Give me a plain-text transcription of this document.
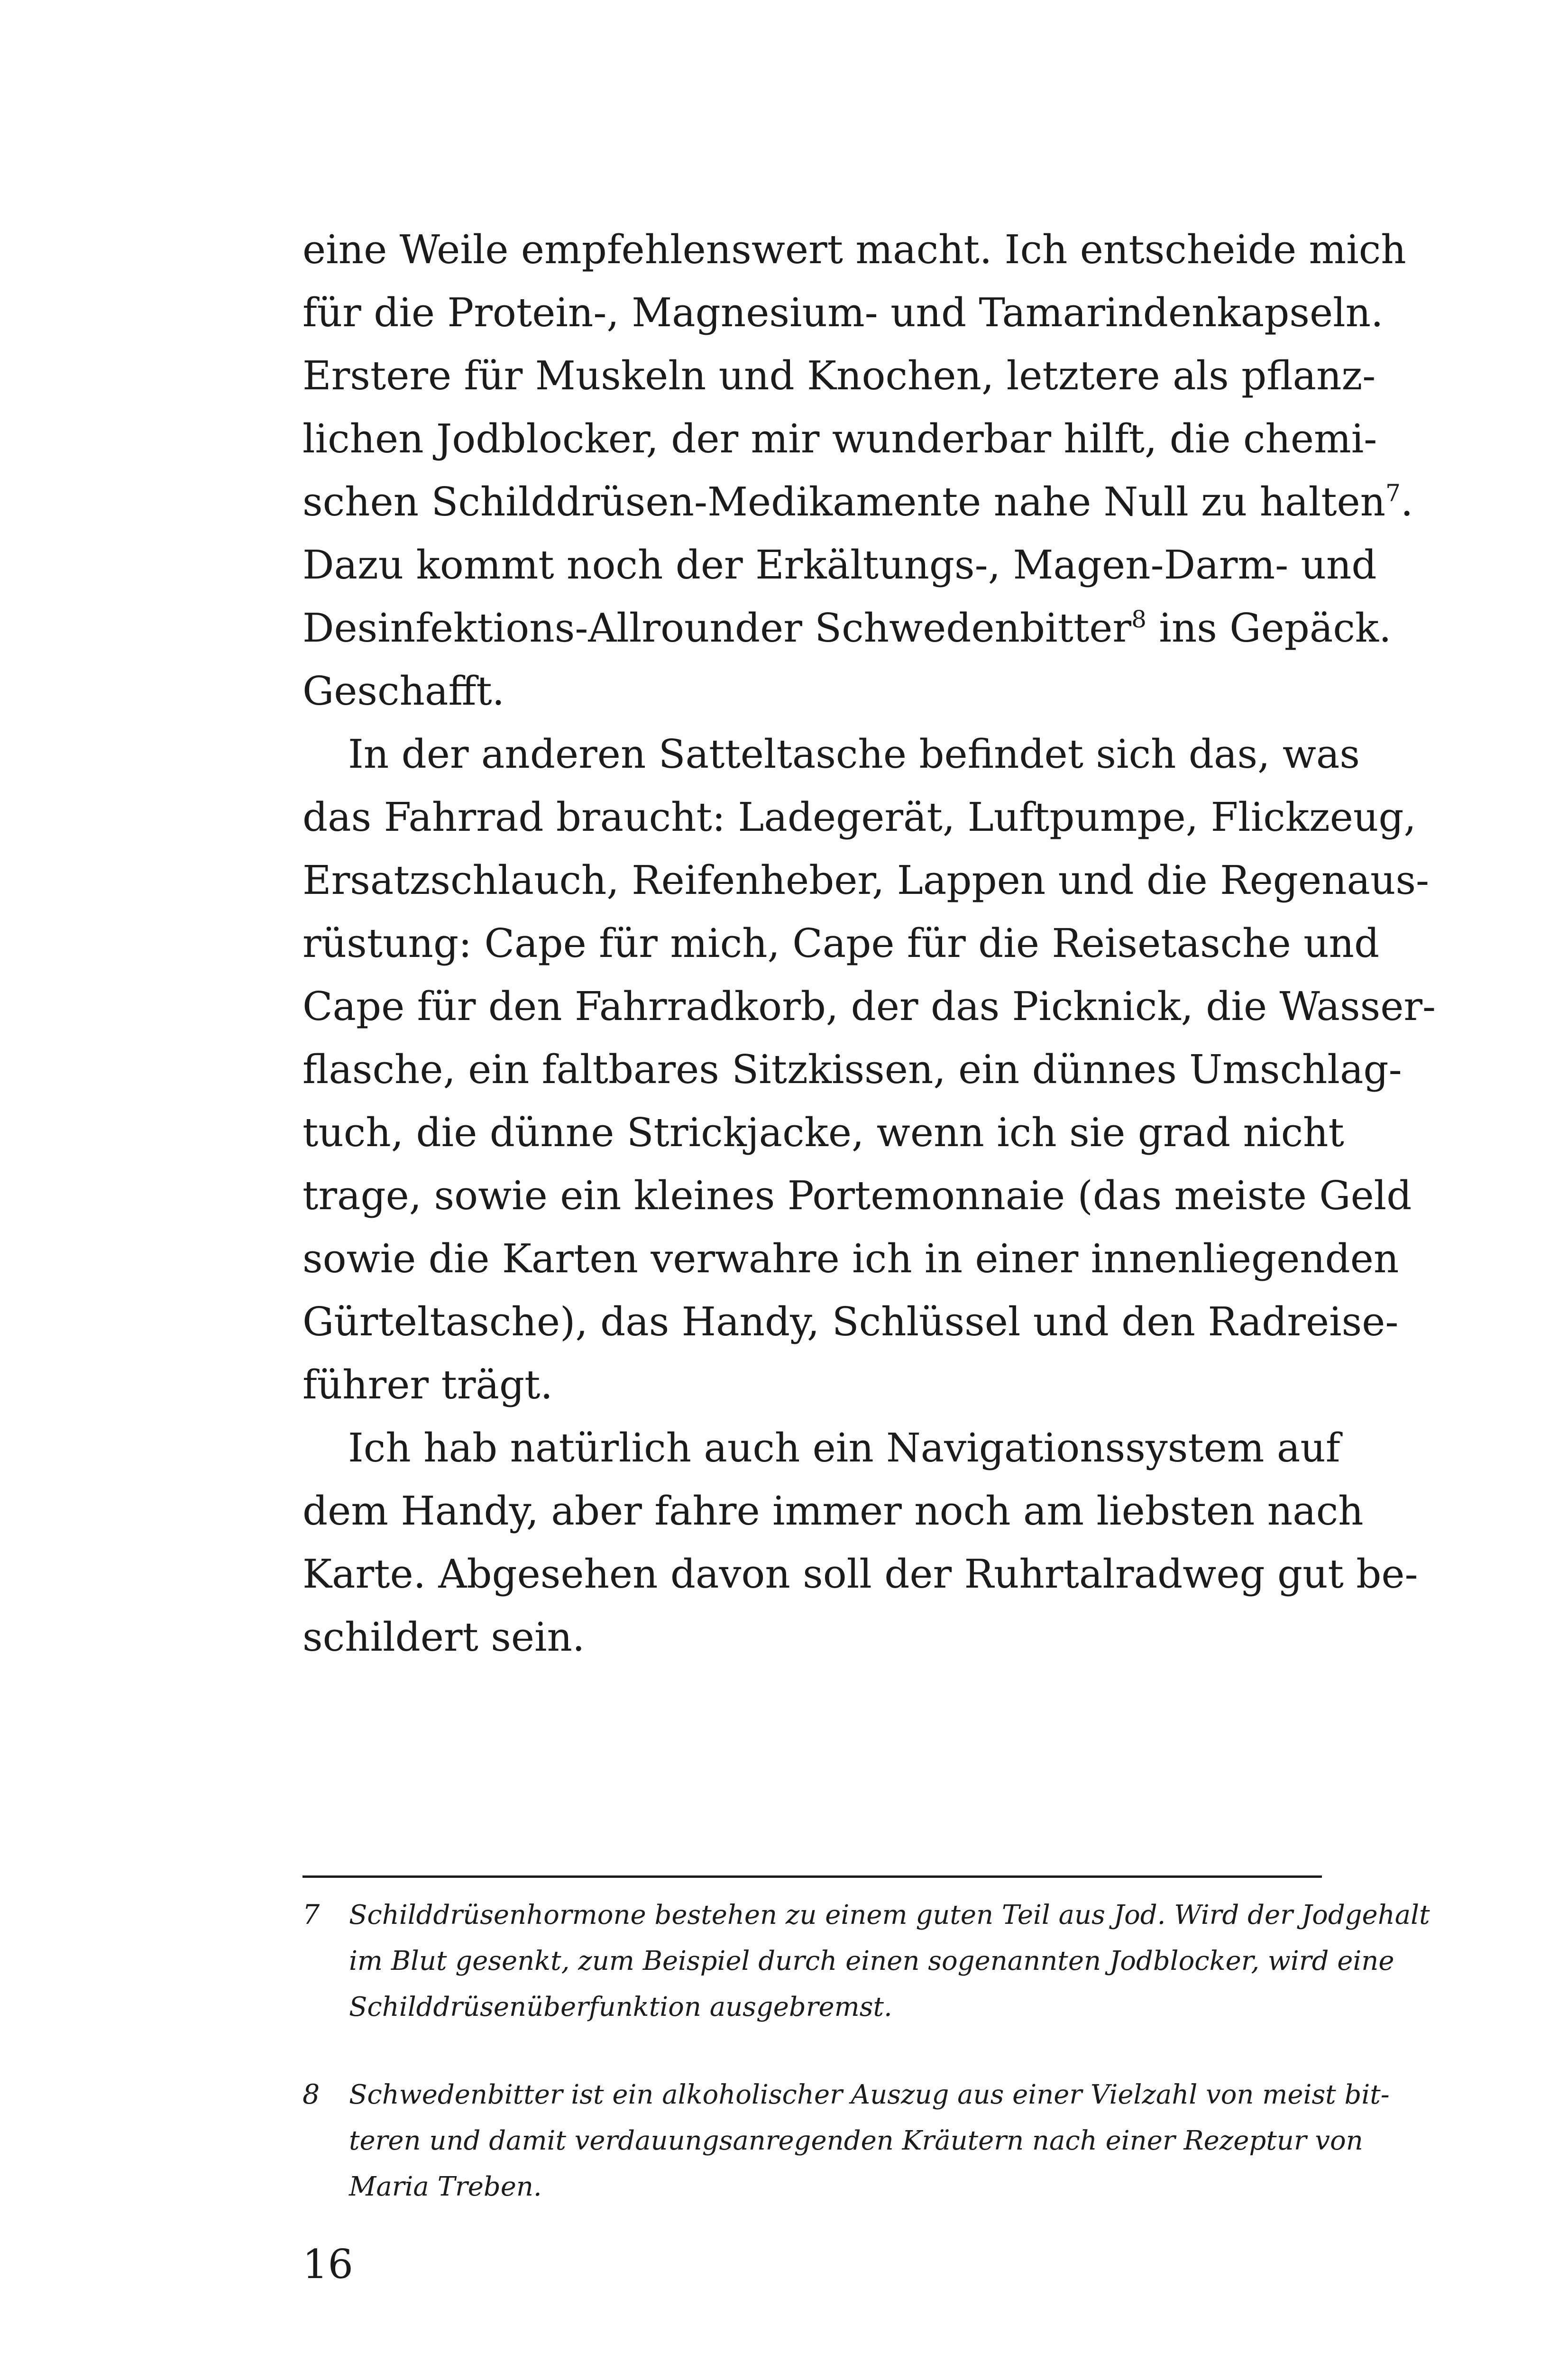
eine Weile empfehlenswert macht. Ich entscheide mich
für die Protein-, Magnesium- und Tamarindenkapseln.
Erstere für Muskeln und Knochen, letztere als pflanz-
lichen Jodblocker, der mir wunderbar hilft, die chemi-
schen Schilddrüsen-Medikamente nahe Null zu halten$^7$.
Dazu kommt noch der Erkältungs-, Magen-Darm- und
Desinfektions-Allrounder Schwedenbitter$^8$ ins Gepäck.
Geschafft.
In der anderen Satteltasche befindet sich das, was
das Fahrrad braucht: Ladegerät, Luftpumpe, Flickzeug,
Ersatzschlauch, Reifenheber, Lappen und die Regenaus-
rüstung: Cape für mich, Cape für die Reisetasche und
Cape für den Fahrradkorb, der das Picknick, die Wasser-
flasche, ein faltbares Sitzkissen, ein dünnes Umschlag-
tuch, die dünne Strickjacke, wenn ich sie grad nicht
trage, sowie ein kleines Portemonnaie (das meiste Geld
sowie die Karten verwahre ich in einer innenliegenden
Gürteltasche), das Handy, Schlüssel und den Radreise-
führer trägt.
Ich hab natürlich auch ein Navigationssystem auf
dem Handy, aber fahre immer noch am liebsten nach
Karte. Abgesehen davon soll der Ruhrtalradweg gut be-
schildert sein.
7 Schilddrüsenhormone bestehen zu einem guten Teil aus Jod. Wird der Jodgehalt
im Blut gesenkt, zum Beispiel durch einen sogenannten Jodblocker, wird eine
Schilddrüsenüberfunktion ausgebremst.
8 Schwedenbitter ist ein alkoholischer Auszug aus einer Vielzahl von meist bit-
teren und damit verdauungsanregenden Kräutern nach einer Rezeptur von
Maria Treben.
16
